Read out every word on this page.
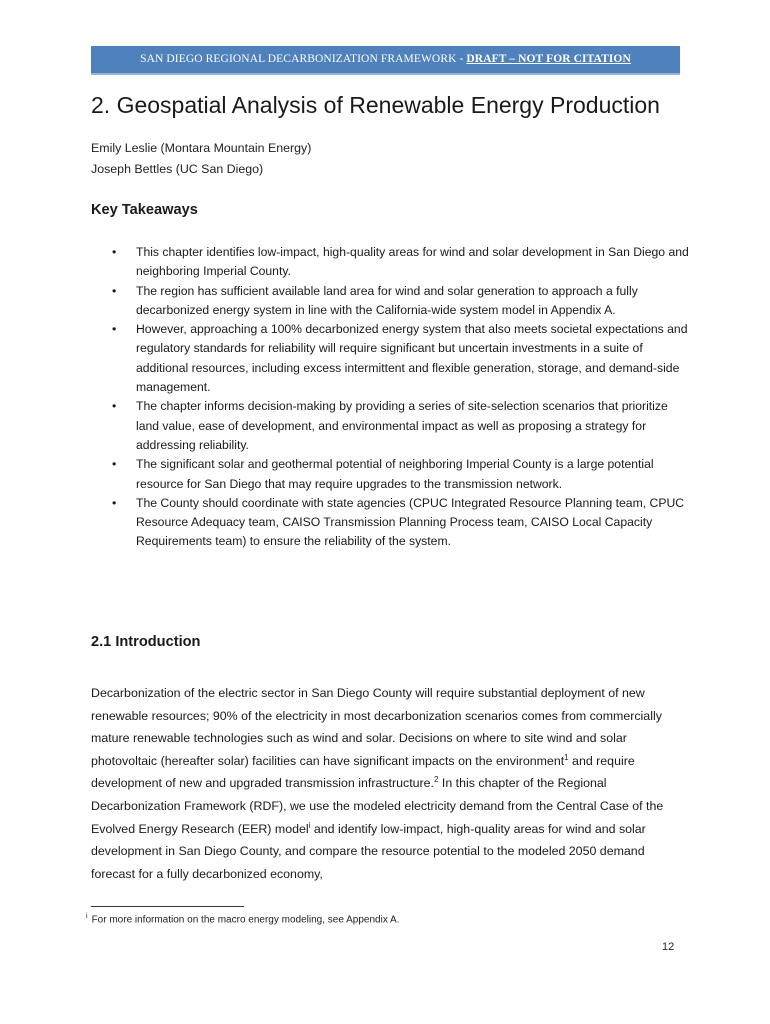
SAN DIEGO REGIONAL DECARBONIZATION FRAMEWORK - DRAFT – NOT FOR CITATION
2. Geospatial Analysis of Renewable Energy Production
Emily Leslie (Montara Mountain Energy)
Joseph Bettles (UC San Diego)
Key Takeaways
• This chapter identifies low-impact, high-quality areas for wind and solar development in San Diego and neighboring Imperial County.
• The region has sufficient available land area for wind and solar generation to approach a fully decarbonized energy system in line with the California-wide system model in Appendix A.
• However, approaching a 100% decarbonized energy system that also meets societal expectations and regulatory standards for reliability will require significant but uncertain investments in a suite of additional resources, including excess intermittent and flexible generation, storage, and demand-side management.
• The chapter informs decision-making by providing a series of site-selection scenarios that prioritize land value, ease of development, and environmental impact as well as proposing a strategy for addressing reliability.
• The significant solar and geothermal potential of neighboring Imperial County is a large potential resource for San Diego that may require upgrades to the transmission network.
• The County should coordinate with state agencies (CPUC Integrated Resource Planning team, CPUC Resource Adequacy team, CAISO Transmission Planning Process team, CAISO Local Capacity Requirements team) to ensure the reliability of the system.
2.1 Introduction

Decarbonization of the electric sector in San Diego County will require substantial deployment of new renewable resources; 90% of the electricity in most decarbonization scenarios comes from commercially mature renewable technologies such as wind and solar. Decisions on where to site wind and solar photovoltaic (hereafter solar) facilities can have significant impacts on the environment$^1$ and require development of new and upgraded transmission infrastructure.$^2$ In this chapter of the Regional Decarbonization Framework (RDF), we use the modeled electricity demand from the Central Case of the Evolved Energy Research (EER) model$^i$ and identify low-impact, high-quality areas for wind and solar development in San Diego County, and compare the resource potential to the modeled 2050 demand forecast for a fully decarbonized economy,

$^i$ For more information on the macro energy modeling, see Appendix A.
12
